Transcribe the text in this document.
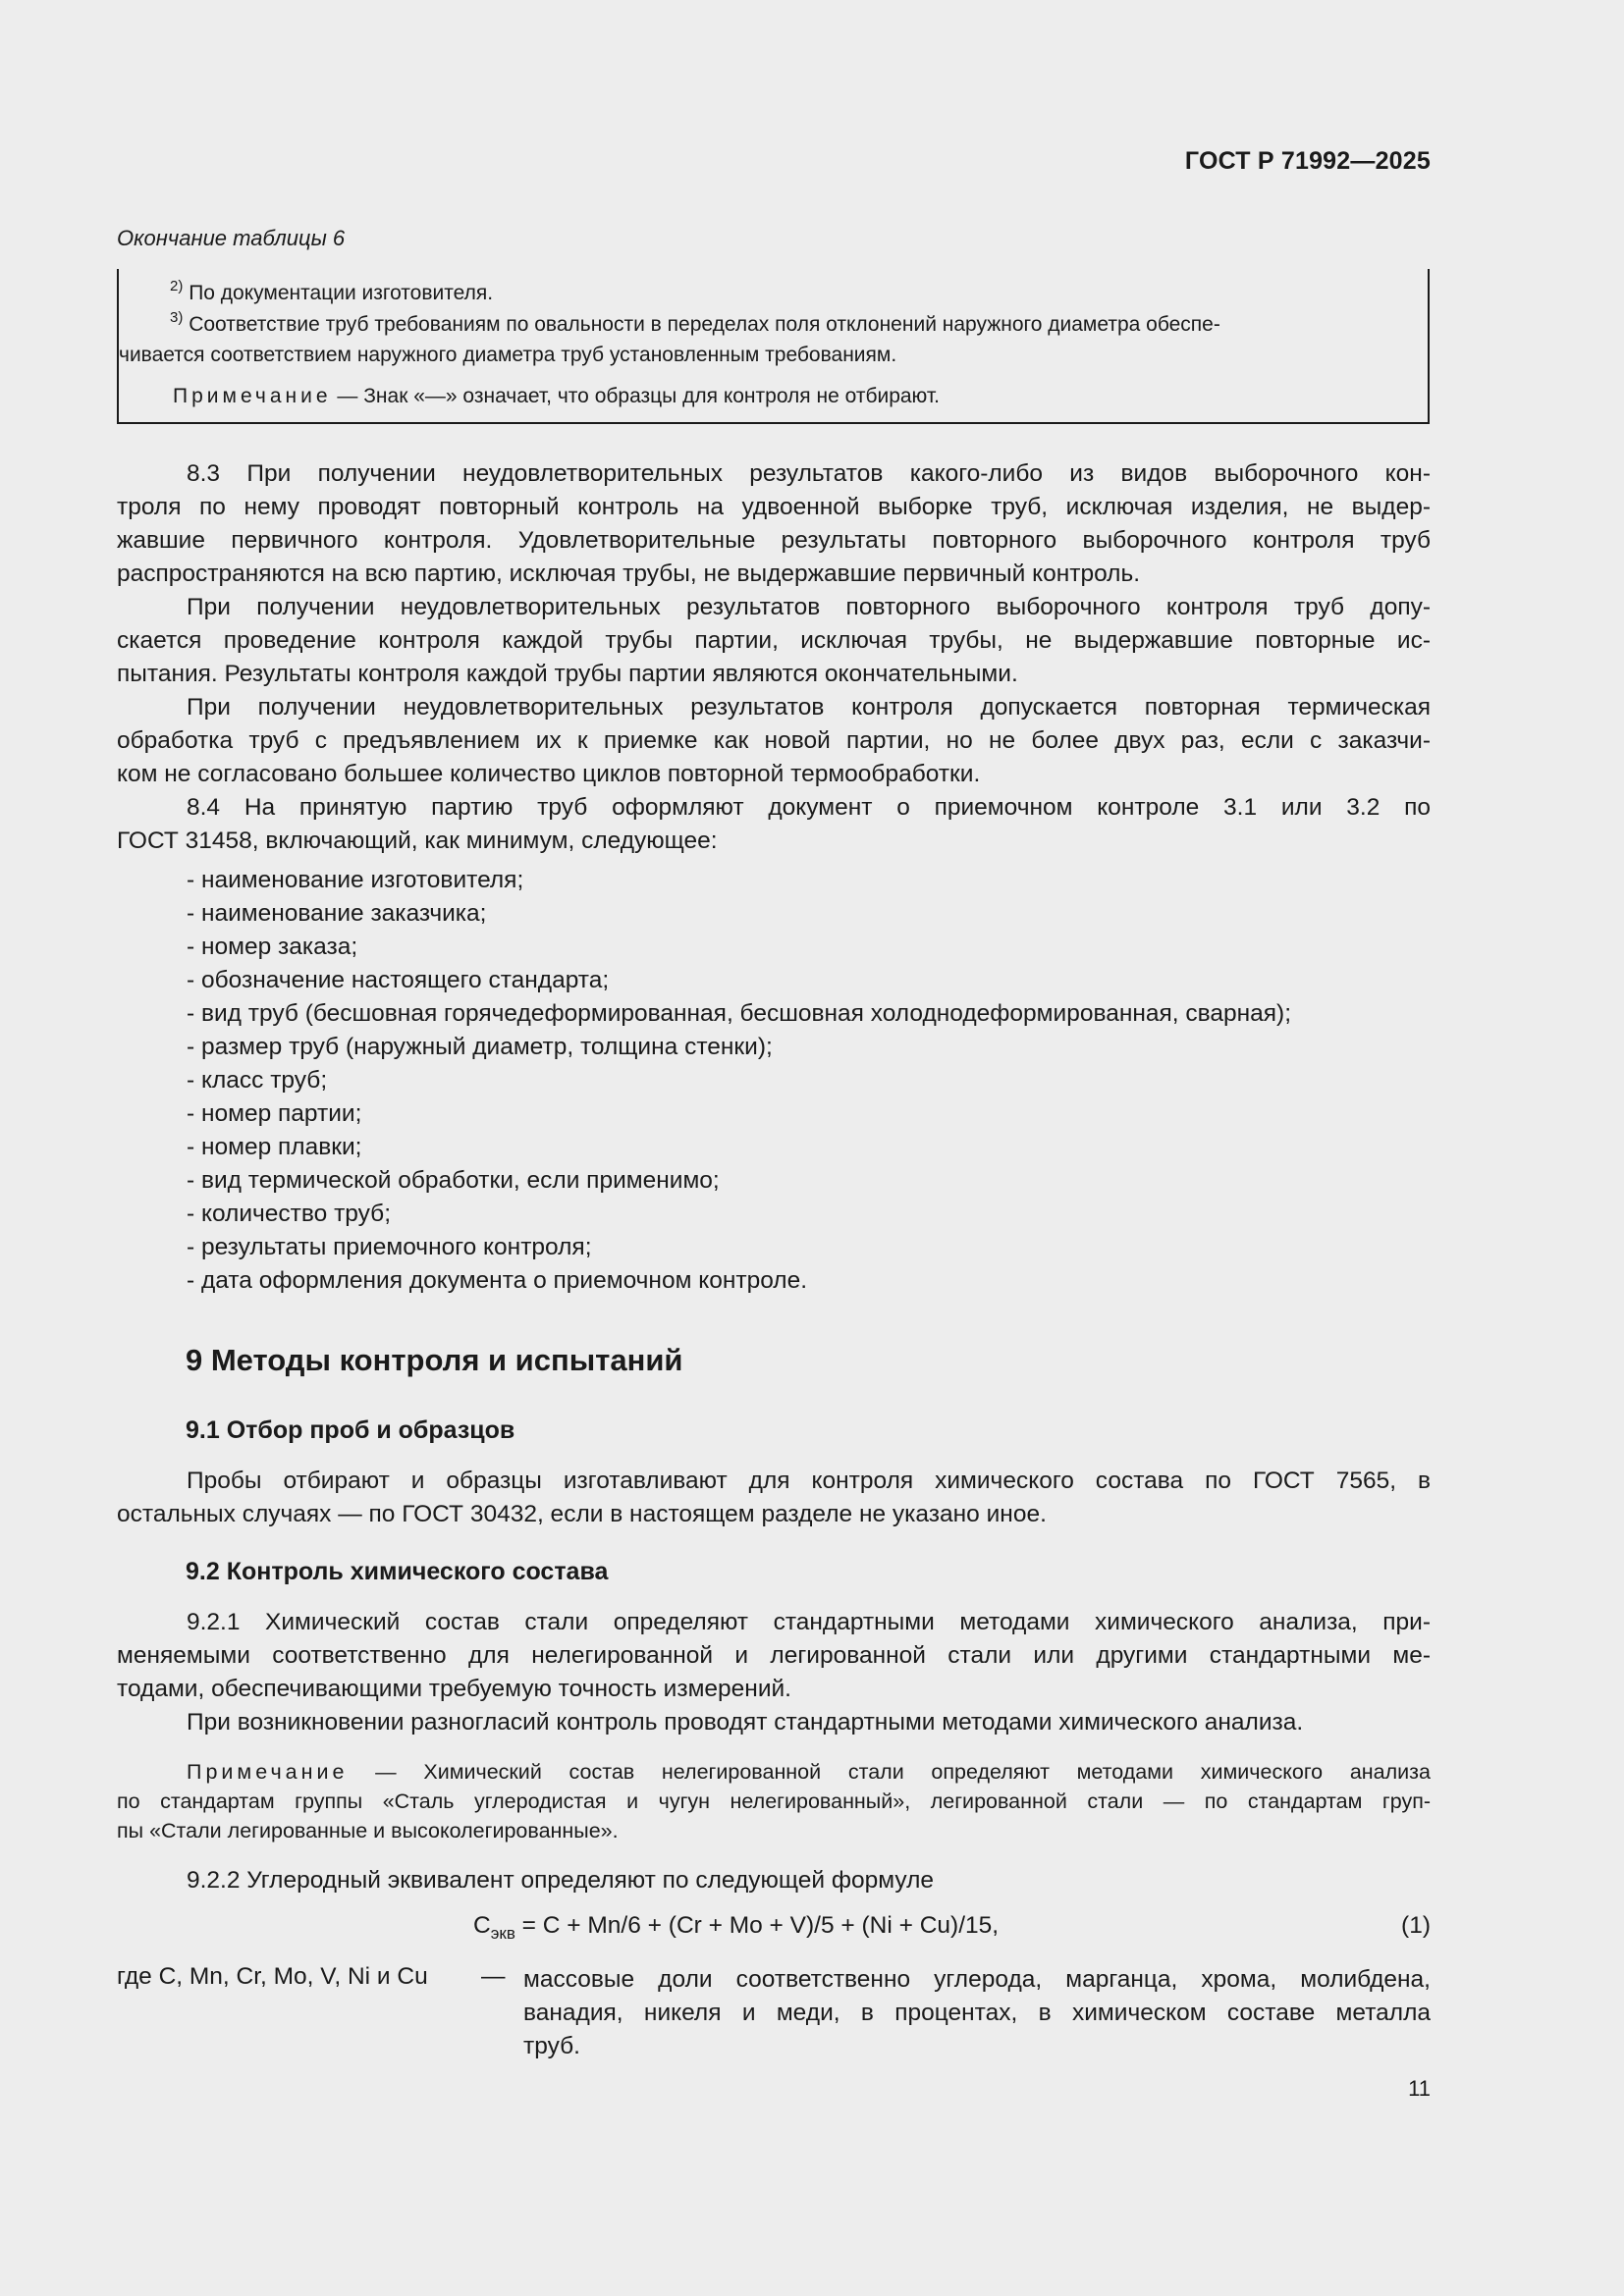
ГОСТ Р 71992—2025
Окончание таблицы 6
$^{2)}$ По документации изготовителя.
$^{3)}$ Соответствие труб требованиям по овальности в переделах поля отклонений наружного диаметра обеспе-
чивается соответствием наружного диаметра труб установленным требованиям.
Примечание — Знак «—» означает, что образцы для контроля не отбирают.
8.3 При получении неудовлетворительных результатов какого-либо из видов выборочного кон-
троля по нему проводят повторный контроль на удвоенной выборке труб, исключая изделия, не выдер-
жавшие первичного контроля. Удовлетворительные результаты повторного выборочного контроля труб
распространяются на всю партию, исключая трубы, не выдержавшие первичный контроль.
При получении неудовлетворительных результатов повторного выборочного контроля труб допу-
скается проведение контроля каждой трубы партии, исключая трубы, не выдержавшие повторные ис-
пытания. Результаты контроля каждой трубы партии являются окончательными.
При получении неудовлетворительных результатов контроля допускается повторная термическая
обработка труб с предъявлением их к приемке как новой партии, но не более двух раз, если с заказчи-
ком не согласовано большее количество циклов повторной термообработки.
8.4 На принятую партию труб оформляют документ о приемочном контроле 3.1 или 3.2 по
ГОСТ 31458, включающий, как минимум, следующее:
- наименование изготовителя;
- наименование заказчика;
- номер заказа;
- обозначение настоящего стандарта;
- вид труб (бесшовная горячедеформированная, бесшовная холоднодеформированная, сварная);
- размер труб (наружный диаметр, толщина стенки);
- класс труб;
- номер партии;
- номер плавки;
- вид термической обработки, если применимо;
- количество труб;
- результаты приемочного контроля;
- дата оформления документа о приемочном контроле.
9 Методы контроля и испытаний
9.1 Отбор проб и образцов
Пробы отбирают и образцы изготавливают для контроля химического состава по ГОСТ 7565, в
остальных случаях — по ГОСТ 30432, если в настоящем разделе не указано иное.
9.2 Контроль химического состава
9.2.1 Химический состав стали определяют стандартными методами химического анализа, при-
меняемыми соответственно для нелегированной и легированной стали или другими стандартными ме-
тодами, обеспечивающими требуемую точность измерений.
При возникновении разногласий контроль проводят стандартными методами химического анализа.
Примечание — Химический состав нелегированной стали определяют методами химического анализа
по стандартам группы «Сталь углеродистая и чугун нелегированный», легированной стали — по стандартам груп-
пы «Стали легированные и высоколегированные».
9.2.2 Углеродный эквивалент определяют по следующей формуле
$C_{экв} = C + Mn/6 + (Cr + Mo + V)/5 + (Ni + Cu)/15$,	(1)
где C, Mn, Cr, Mo, V, Ni и Cu — массовые доли соответственно углерода, марганца, хрома, молибдена,
ванадия, никеля и меди, в процентах, в химическом составе металла
труб.
11
